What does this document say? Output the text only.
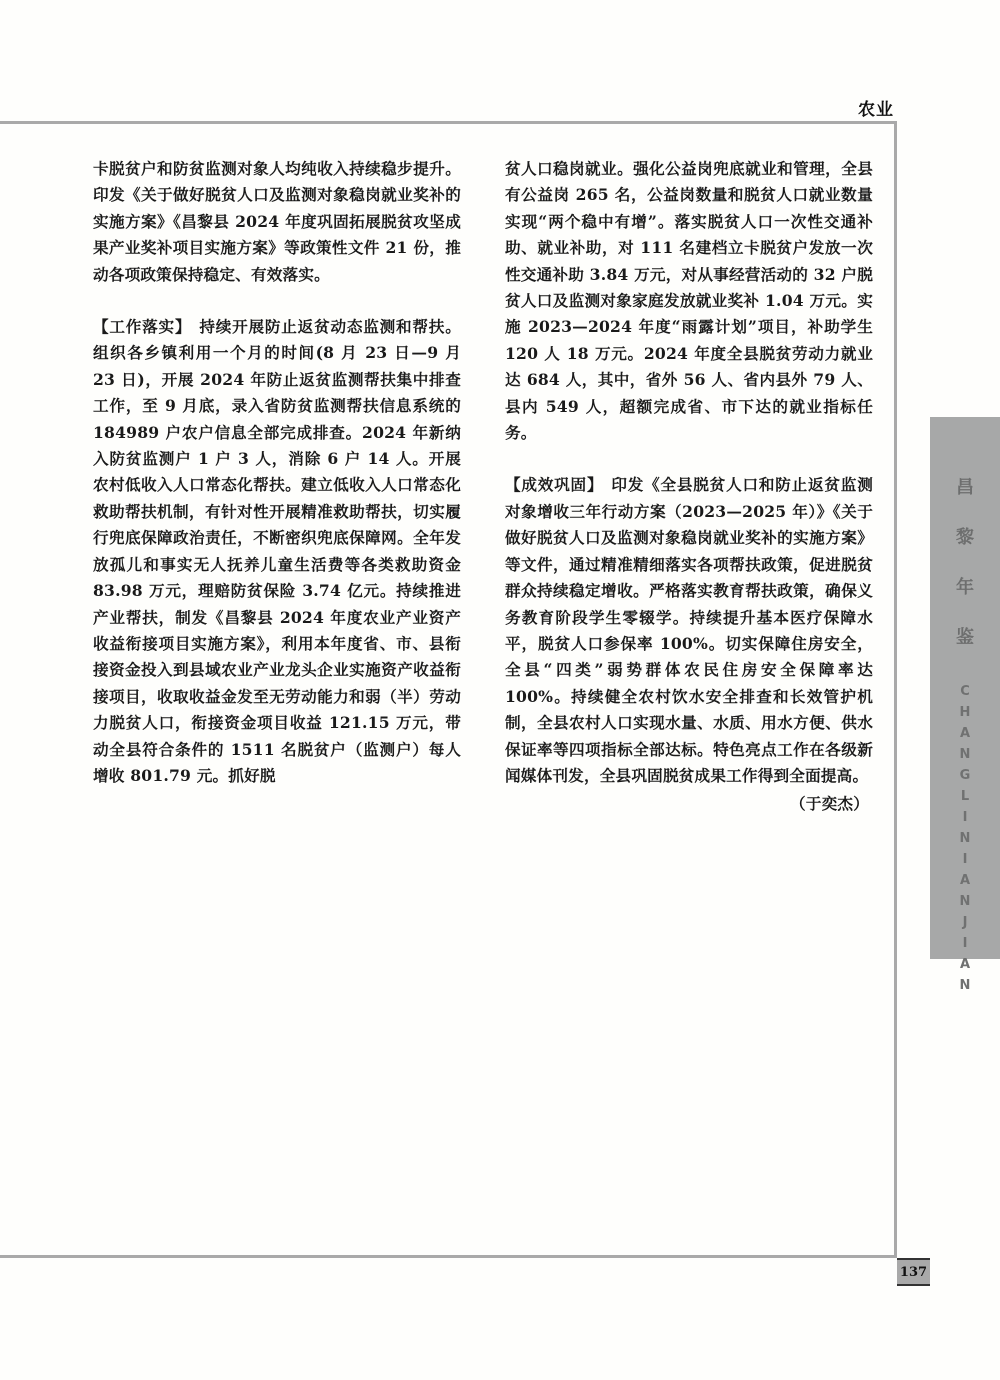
农业

卡脱贫户和防贫监测对象人均纯收入持续稳步提升。印发《关于做好脱贫人口及监测对象稳岗就业奖补的实施方案》《昌黎县 2024 年度巩固拓展脱贫攻坚成果产业奖补项目实施方案》等政策性文件 21 份，推动各项政策保持稳定、有效落实。

【工作落实】 持续开展防止返贫动态监测和帮扶。组织各乡镇利用一个月的时间(8 月 23 日—9 月 23 日)，开展 2024 年防止返贫监测帮扶集中排查工作，至 9 月底，录入省防贫监测帮扶信息系统的 184989 户农户信息全部完成排查。2024 年新纳入防贫监测户 1 户 3 人，消除 6 户 14 人。开展农村低收入人口常态化帮扶。建立低收入人口常态化救助帮扶机制，有针对性开展精准救助帮扶，切实履行兜底保障政治责任，不断密织兜底保障网。全年发放孤儿和事实无人抚养儿童生活费等各类救助资金 83.98 万元，理赔防贫保险 3.74 亿元。持续推进产业帮扶，制发《昌黎县 2024 年度农业产业资产收益衔接项目实施方案》，利用本年度省、市、县衔接资金投入到县域农业产业龙头企业实施资产收益衔接项目，收取收益金发至无劳动能力和弱（半）劳动力脱贫人口，衔接资金项目收益 121.15 万元，带动全县符合条件的 1511 名脱贫户（监测户）每人增收 801.79 元。抓好脱

贫人口稳岗就业。强化公益岗兜底就业和管理，全县有公益岗 265 名，公益岗数量和脱贫人口就业数量实现“两个稳中有增”。落实脱贫人口一次性交通补助、就业补助，对 111 名建档立卡脱贫户发放一次性交通补助 3.84 万元，对从事经营活动的 32 户脱贫人口及监测对象家庭发放就业奖补 1.04 万元。实施 2023—2024 年度“雨露计划”项目，补助学生 120 人 18 万元。2024 年度全县脱贫劳动力就业达 684 人，其中，省外 56 人、省内县外 79 人、县内 549 人，超额完成省、市下达的就业指标任务。

【成效巩固】 印发《全县脱贫人口和防止返贫监测对象增收三年行动方案（2023—2025 年）》《关于做好脱贫人口及监测对象稳岗就业奖补的实施方案》等文件，通过精准精细落实各项帮扶政策，促进脱贫群众持续稳定增收。严格落实教育帮扶政策，确保义务教育阶段学生零辍学。持续提升基本医疗保障水平，脱贫人口参保率 100%。切实保障住房安全，全县“四类”弱势群体农民住房安全保障率达 100%。持续健全农村饮水安全排查和长效管护机制，全县农村人口实现水量、水质、用水方便、供水保证率等四项指标全部达标。特色亮点工作在各级新闻媒体刊发，全县巩固脱贫成果工作得到全面提高。

（于奕杰）
昌
黎
年
鉴
C
H
A
N
G
L
I
N
I
A
N
J
I
A
N
137
